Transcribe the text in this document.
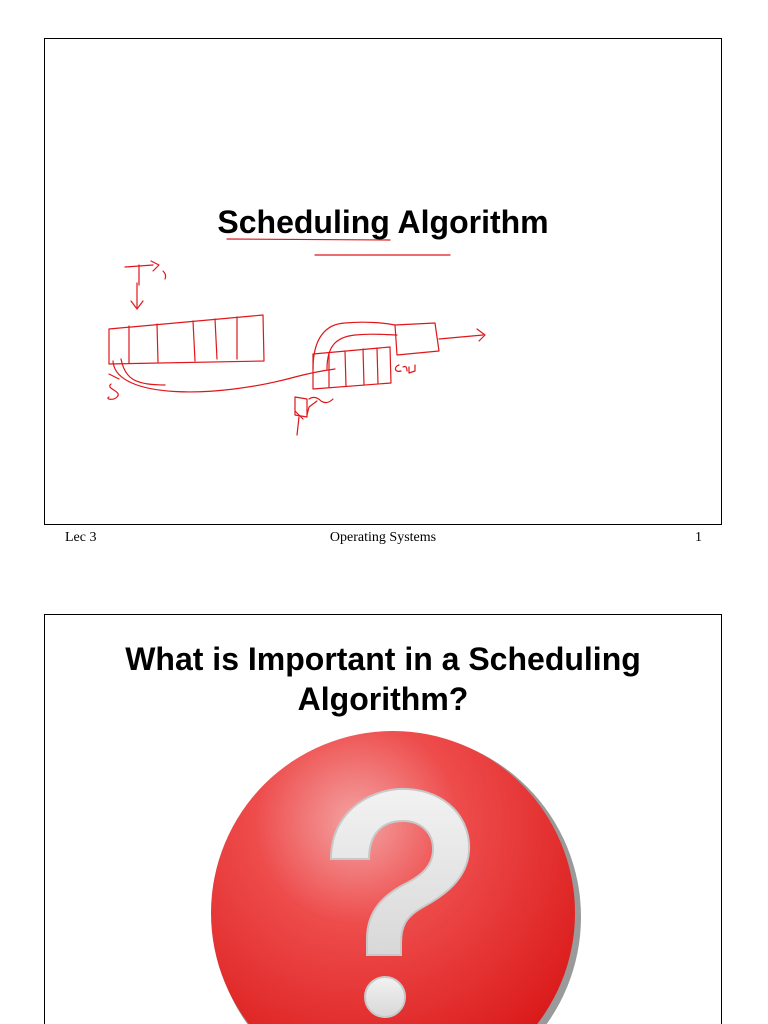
Scheduling Algorithm
Lec 3	Operating Systems	1
What is Important in a Scheduling
Algorithm?
